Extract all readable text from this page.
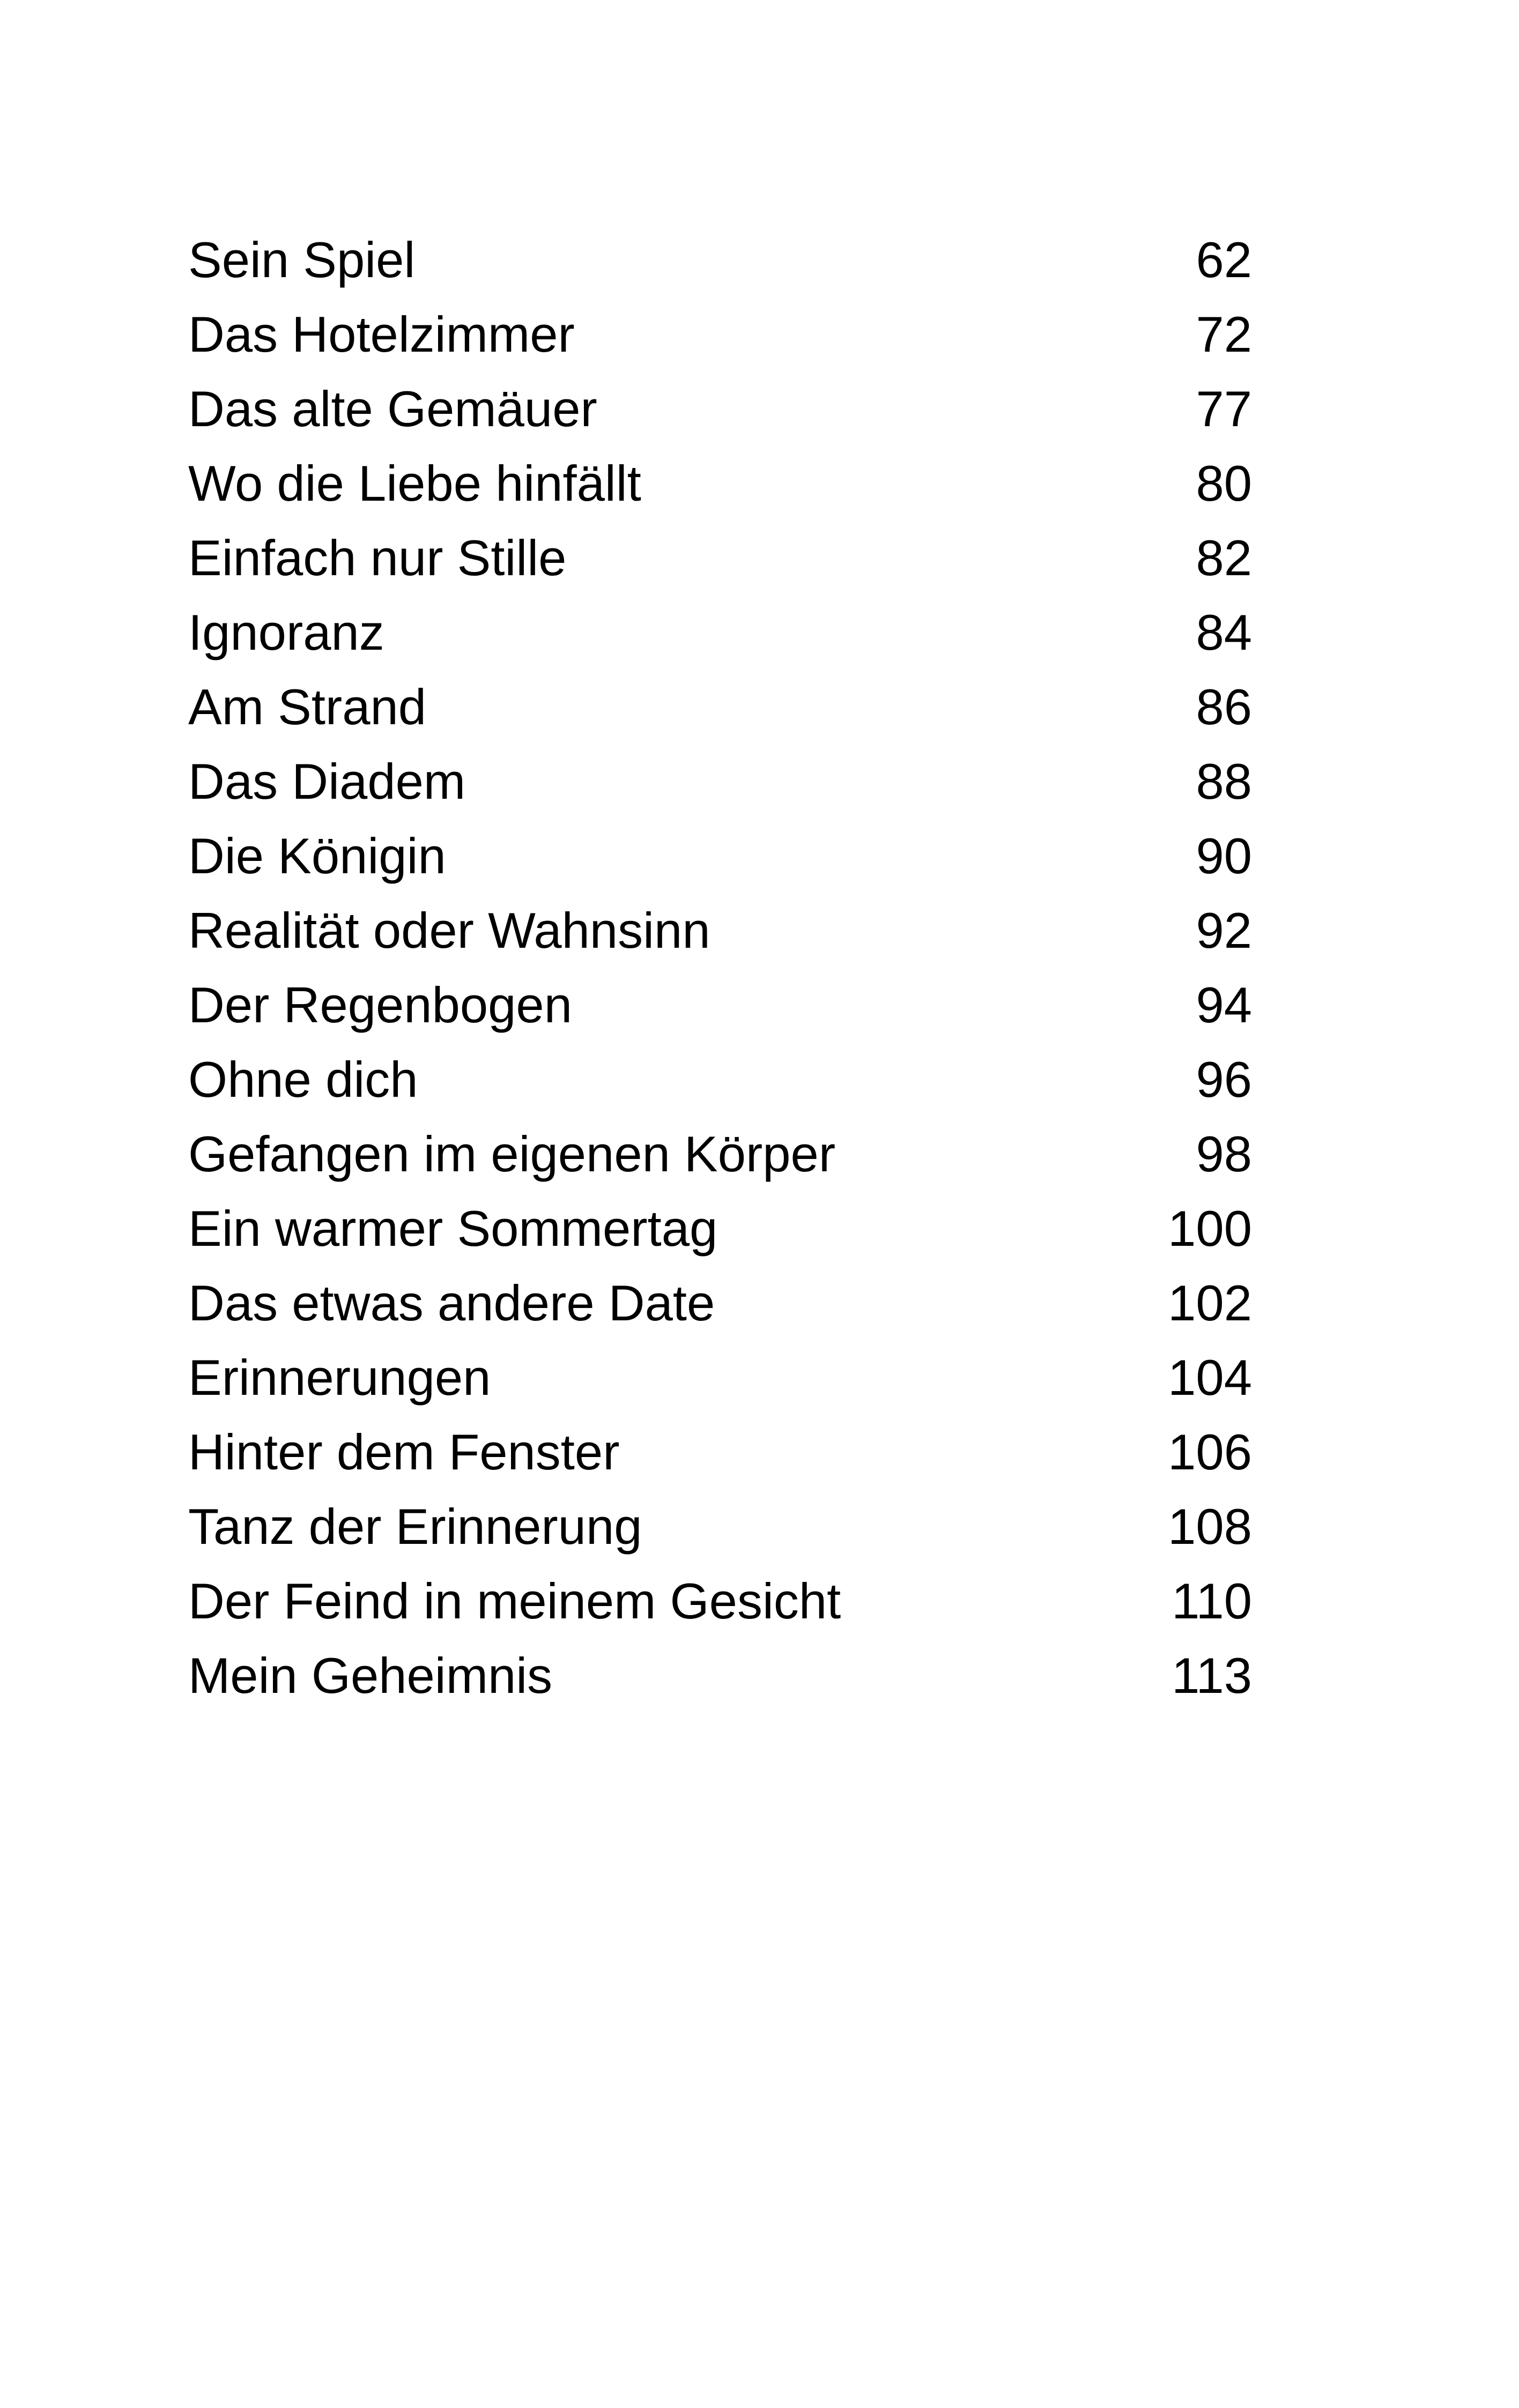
Sein Spiel	62
Das Hotelzimmer	72
Das alte Gemäuer	77
Wo die Liebe hinfällt	80
Einfach nur Stille	82
Ignoranz	84
Am Strand	86
Das Diadem	88
Die Königin	90
Realität oder Wahnsinn	92
Der Regenbogen	94
Ohne dich	96
Gefangen im eigenen Körper	98
Ein warmer Sommertag	100
Das etwas andere Date	102
Erinnerungen	104
Hinter dem Fenster	106
Tanz der Erinnerung	108
Der Feind in meinem Gesicht	110
Mein Geheimnis	113
